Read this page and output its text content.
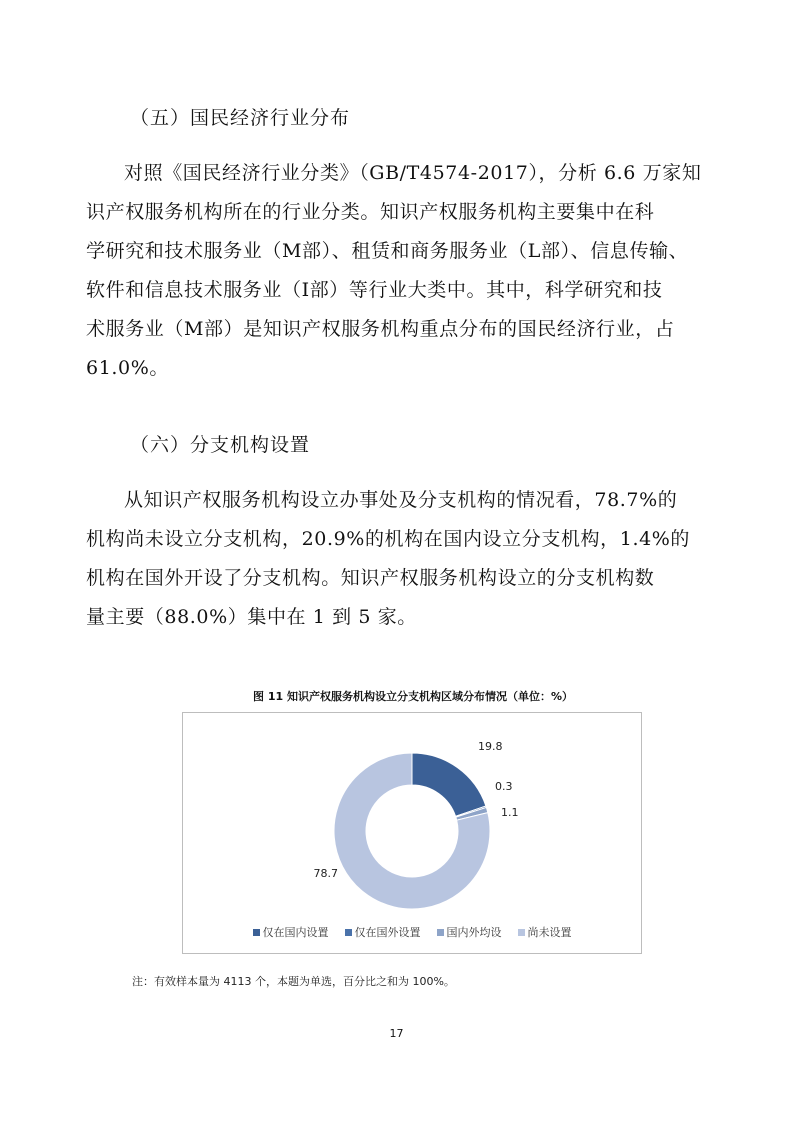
（五）国民经济行业分布

对照《国民经济行业分类》（GB/T4574-2017），分析 6.6 万家知

识产权服务机构所在的行业分类。知识产权服务机构主要集中在科

学研究和技术服务业（M部）、租赁和商务服务业（L部）、信息传输、

软件和信息技术服务业（I部）等行业大类中。其中，科学研究和技

术服务业（M部）是知识产权服务机构重点分布的国民经济行业，占

61.0%。

（六）分支机构设置

从知识产权服务机构设立办事处及分支机构的情况看，78.7%的

机构尚未设立分支机构，20.9%的机构在国内设立分支机构，1.4%的

机构在国外开设了分支机构。知识产权服务机构设立的分支机构数

量主要（88.0%）集中在 1 到 5 家。

图 11 知识产权服务机构设立分支机构区域分布情况（单位：%）
19.8
0.3
1.1
78.7
仅在国内设置 仅在国外设置 国内外均设 尚未设置
注：有效样本量为 4113 个，本题为单选，百分比之和为 100%。
17
